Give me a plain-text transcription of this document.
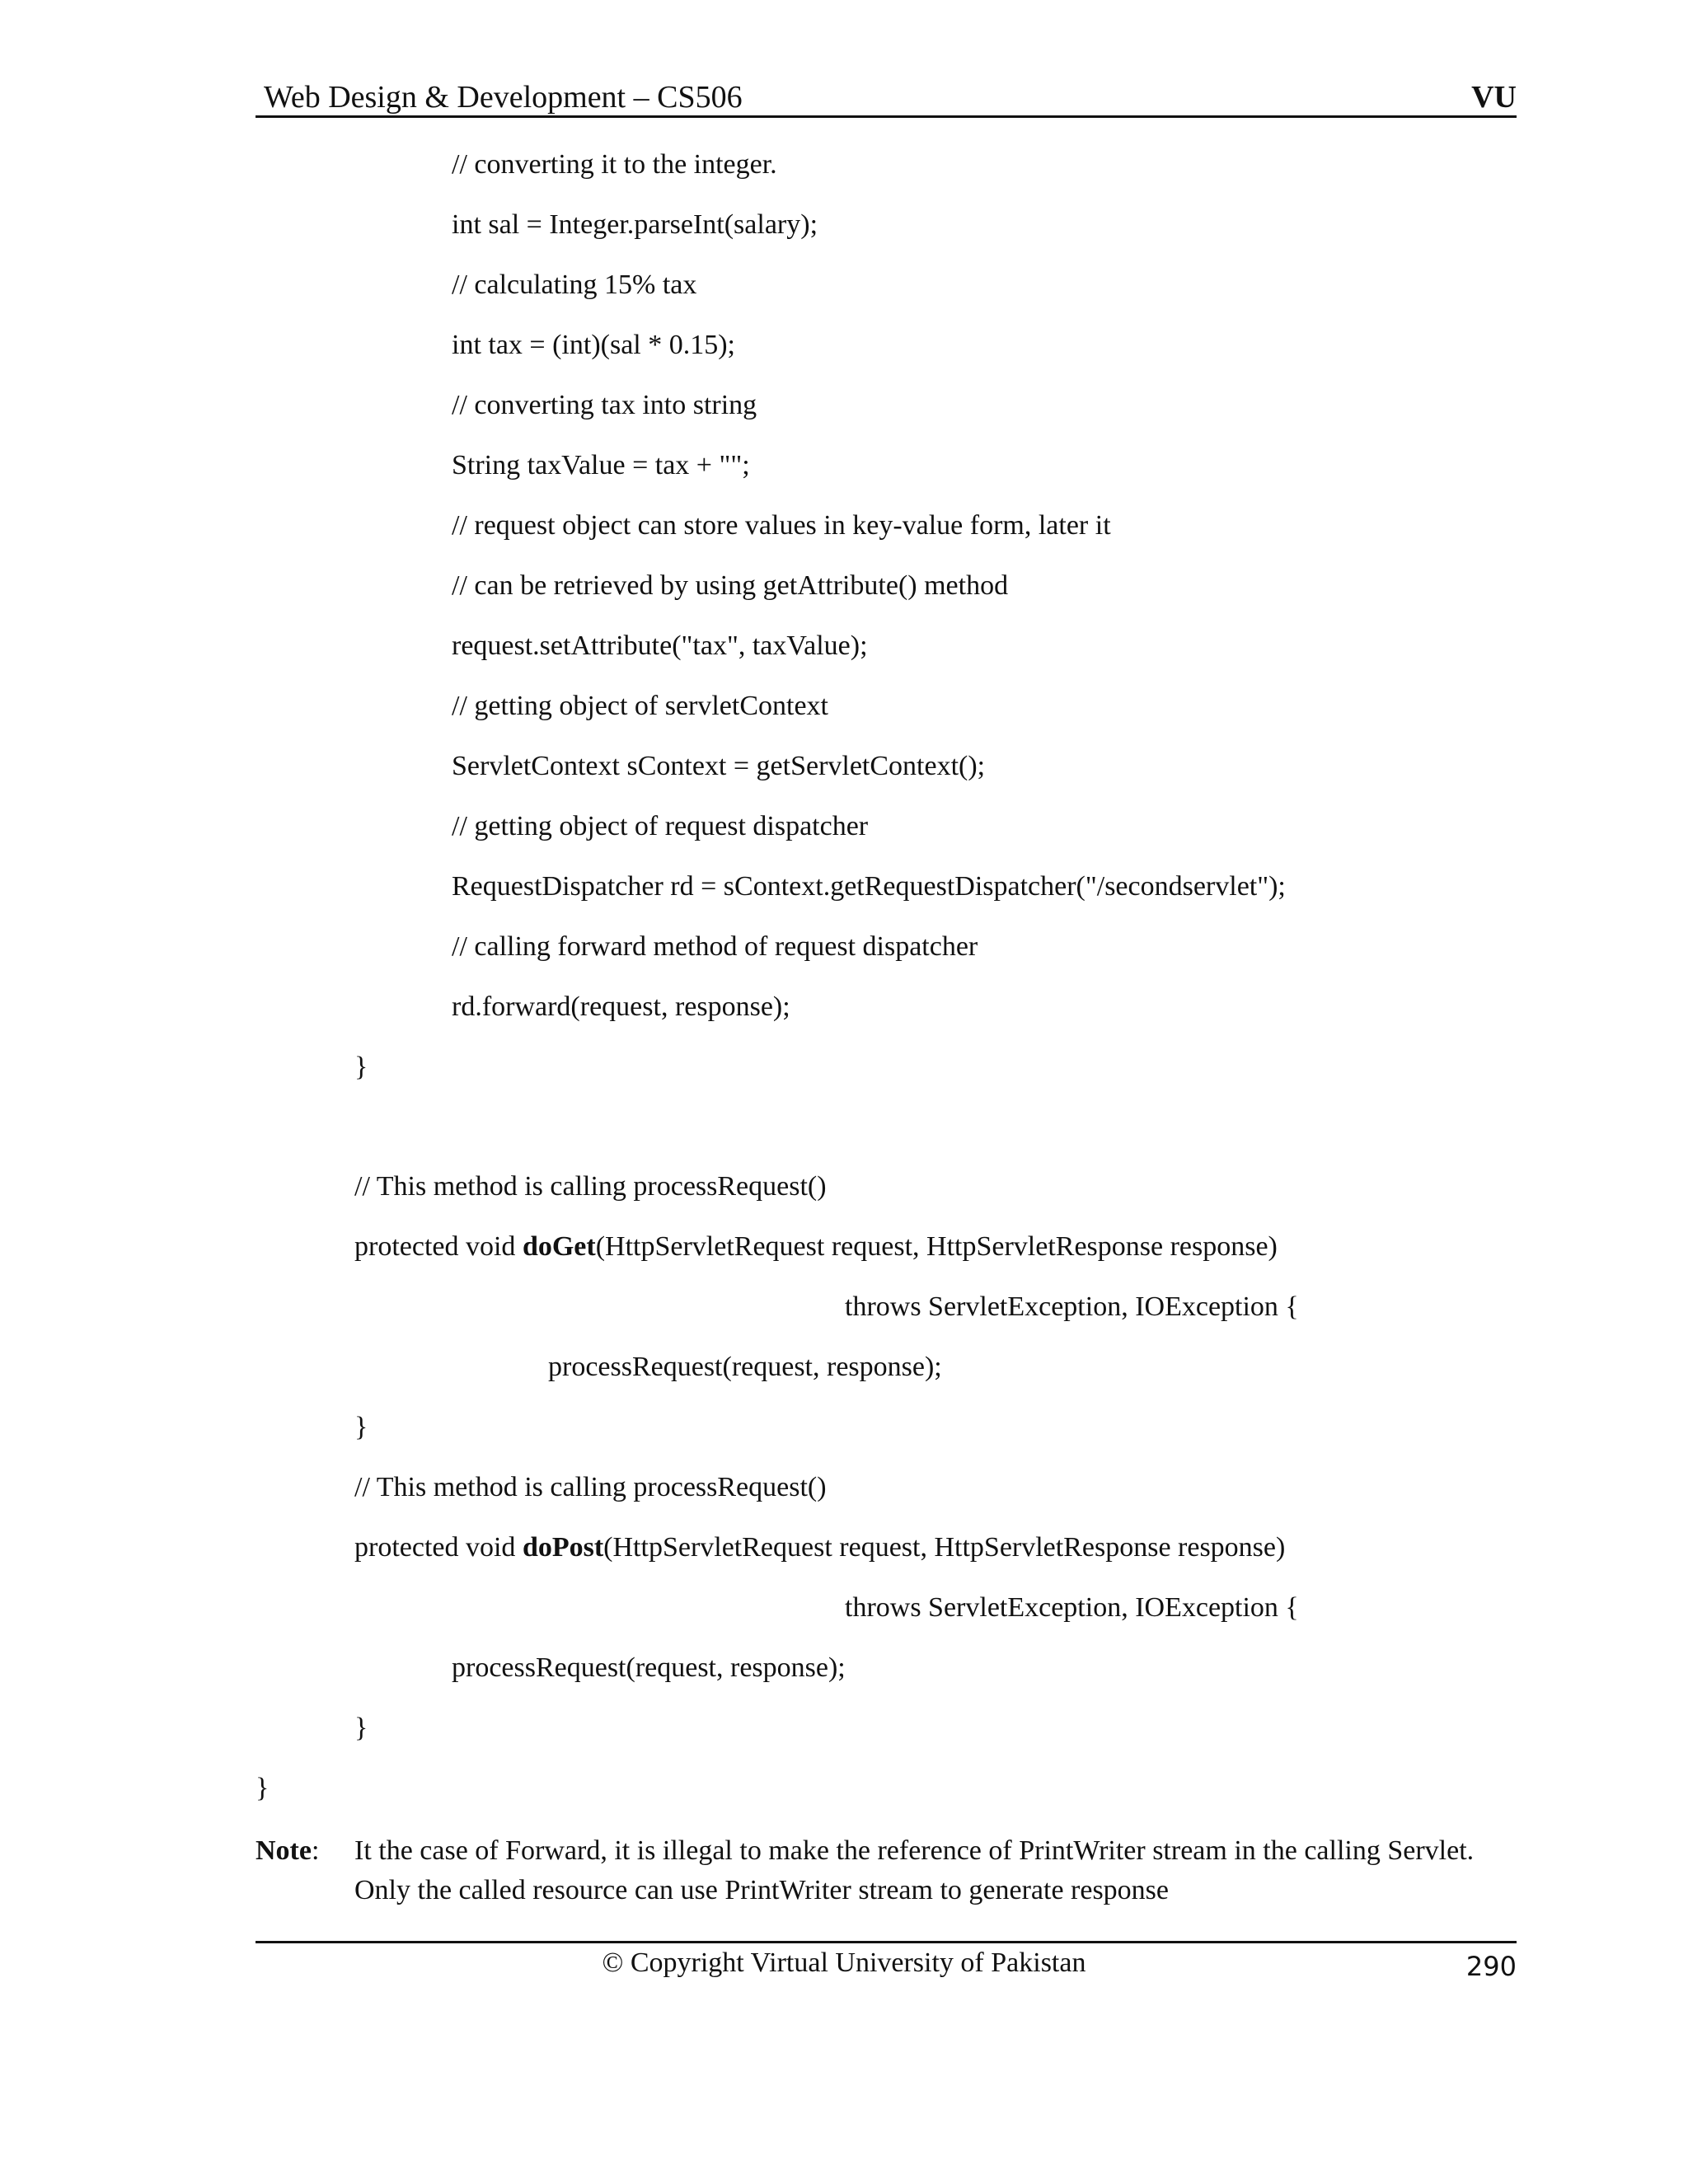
Web Design & Development – CS506	VU
// converting it to the integer.
int sal = Integer.parseInt(salary);
// calculating 15% tax
int tax = (int)(sal * 0.15);
// converting tax into string
String taxValue = tax + "";
// request object can store values in key-value form, later it
// can be retrieved by using getAttribute() method
request.setAttribute("tax", taxValue);
// getting object of servletContext
ServletContext sContext = getServletContext();
// getting object of request dispatcher
RequestDispatcher rd = sContext.getRequestDispatcher("/secondservlet");
// calling forward method of request dispatcher
rd.forward(request, response);
}
// This method is calling processRequest()
protected void doGet(HttpServletRequest request, HttpServletResponse response)
throws ServletException, IOException {
processRequest(request, response);
}
// This method is calling processRequest()
protected void doPost(HttpServletRequest request, HttpServletResponse response)
throws ServletException, IOException {
processRequest(request, response);
}
}
Note: It the case of Forward, it is illegal to make the reference of PrintWriter stream in the calling Servlet. Only the called resource can use PrintWriter stream to generate response
© Copyright Virtual University of Pakistan	290
